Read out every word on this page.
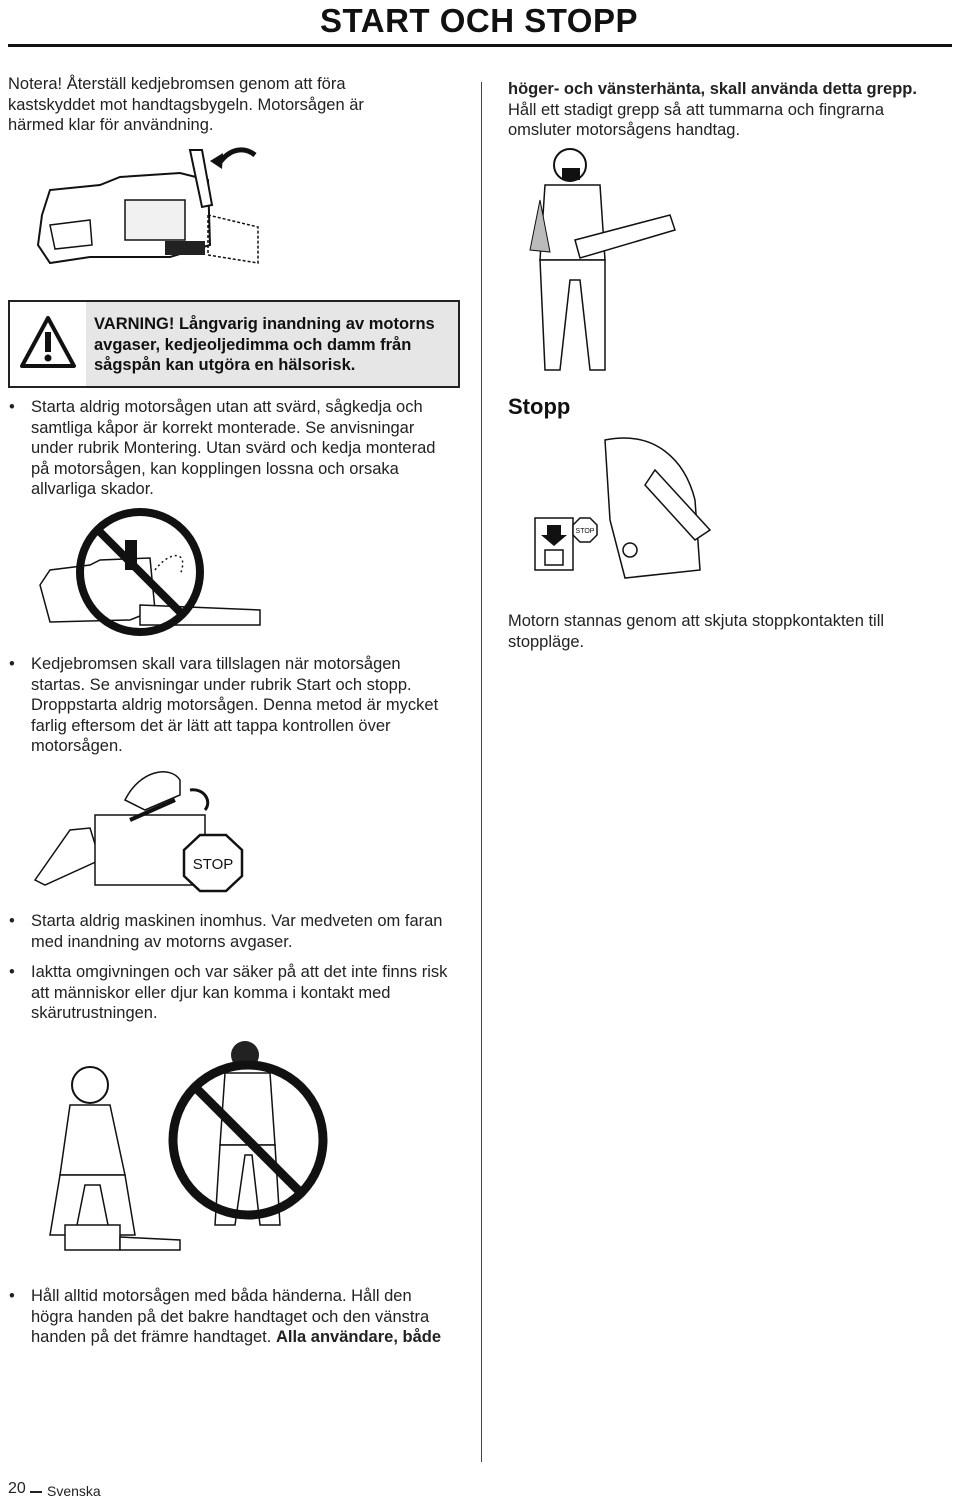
START OCH STOPP
Notera! Återställ kedjebromsen genom att föra kastskyddet mot handtagsbygeln. Motorsågen är härmed klar för användning.
VARNING! Långvarig inandning av motorns avgaser, kedjeoljedimma och damm från sågspån kan utgöra en hälsorisk.
• Starta aldrig motorsågen utan att svärd, sågkedja och samtliga kåpor är korrekt monterade. Se anvisningar under rubrik Montering. Utan svärd och kedja monterad på motorsågen, kan kopplingen lossna och orsaka allvarliga skador.
• Kedjebromsen skall vara tillslagen när motorsågen startas. Se anvisningar under rubrik Start och stopp. Droppstarta aldrig motorsågen. Denna metod är mycket farlig eftersom det är lätt att tappa kontrollen över motorsågen.
STOP
• Starta aldrig maskinen inomhus. Var medveten om faran med inandning av motorns avgaser.
• Iaktta omgivningen och var säker på att det inte finns risk att människor eller djur kan komma i kontakt med skärutrustningen.
• Håll alltid motorsågen med båda händerna. Håll den högra handen på det bakre handtaget och den vänstra handen på det främre handtaget. Alla användare, både
höger- och vänsterhänta, skall använda detta grepp.
Håll ett stadigt grepp så att tummarna och fingrarna omsluter motorsågens handtag.
Stopp
STOP
Motorn stannas genom att skjuta stoppkontakten till stoppläge.
20 Svenska
